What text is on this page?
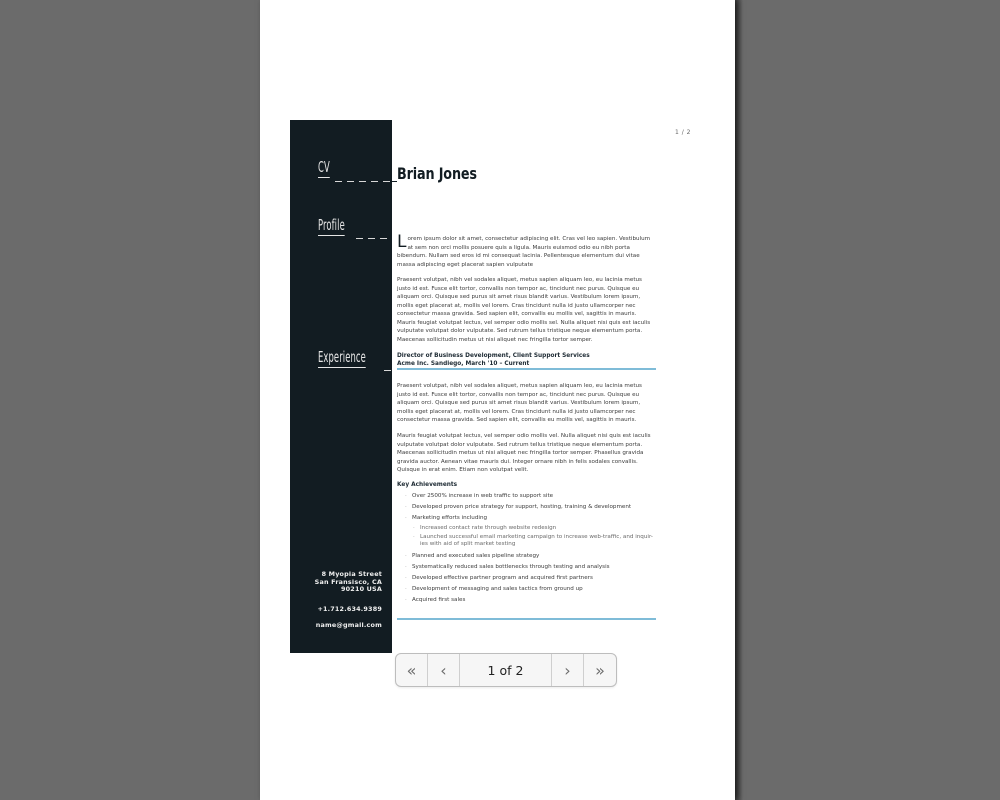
1 / 2
CV
Profile
Experience
8 Myopia Street
San Fransisco, CA
90210 USA
+1.712.634.9389
name@gmail.com
Brian Jones
L orem ipsum dolor sit amet, consectetur adipiscing elit. Cras vel leo sapien. Vestibulum at sem non orci mollis posuere quis a ligula. Mauris euismod odio eu nibh porta bibendum. Nullam sed eros id mi consequat lacinia. Pellentesque elementum dui vitae massa adipiscing eget placerat sapien vulputate
Praesent volutpat, nibh vel sodales aliquet, metus sapien aliquam leo, eu lacinia metus justo id est. Fusce elit tortor, convallis non tempor ac, tincidunt nec purus. Quisque eu aliquam orci. Quisque sed purus sit amet risus blandit varius. Vestibulum lorem ipsum, mollis eget placerat at, mollis vel lorem. Cras tincidunt nulla id justo ullamcorper nec consectetur massa gravida. Sed sapien elit, convallis eu mollis vel, sagittis in mauris. Mauris feugiat volutpat lectus, vel semper odio mollis sel. Nulla aliquet nisi quis est iaculis vulputate volutpat dolor vulputate. Sed rutrum tellus tristique neque elementum porta. Maecenas sollicitudin metus ut nisi aliquet nec fringilla tortor semper.
Director of Business Development, Client Support Services
Acme Inc. Sandiego, March '10 – Current
Praesent volutpat, nibh vel sodales aliquet, metus sapien aliquam leo, eu lacinia metus justo id est. Fusce elit tortor, convallis non tempor ac, tincidunt nec purus. Quisque eu aliquam orci. Quisque sed purus sit amet risus blandit varius. Vestibulum lorem ipsum, mollis eget placerat at, mollis vel lorem. Cras tincidunt nulla id justo ullamcorper nec consectetur massa gravida. Sed sapien elit, convallis eu mollis vel, sagittis in mauris.
Mauris feugiat volutpat lectus, vel semper odio mollis vel. Nulla aliquet nisi quis est iaculis vulputate volutpat dolor vulputate. Sed rutrum tellus tristique neque elementum porta. Maecenas sollicitudin metus ut nisi aliquet nec fringilla tortor semper. Phasellus gravida gravida auctor. Aenean vitae mauris dui. Integer ornare nibh in felis sodales convallis. Quisque in erat enim. Etiam non volutpat velit.
Key Achievements
· Over 2500% increase in web traffic to support site
· Developed proven price strategy for support, hosting, training & development
· Marketing efforts including
· Increased contact rate through website redesign
· Launched successful email marketing campaign to increase web-traffic, and inquir-ies with aid of split market testing
· Planned and executed sales pipeline strategy
· Systematically reduced sales bottlenecks through testing and analysis
· Developed effective partner program and acquired first partners
· Development of messaging and sales tactics from ground up
· Acquired first sales
« ‹	1 of 2	› »
